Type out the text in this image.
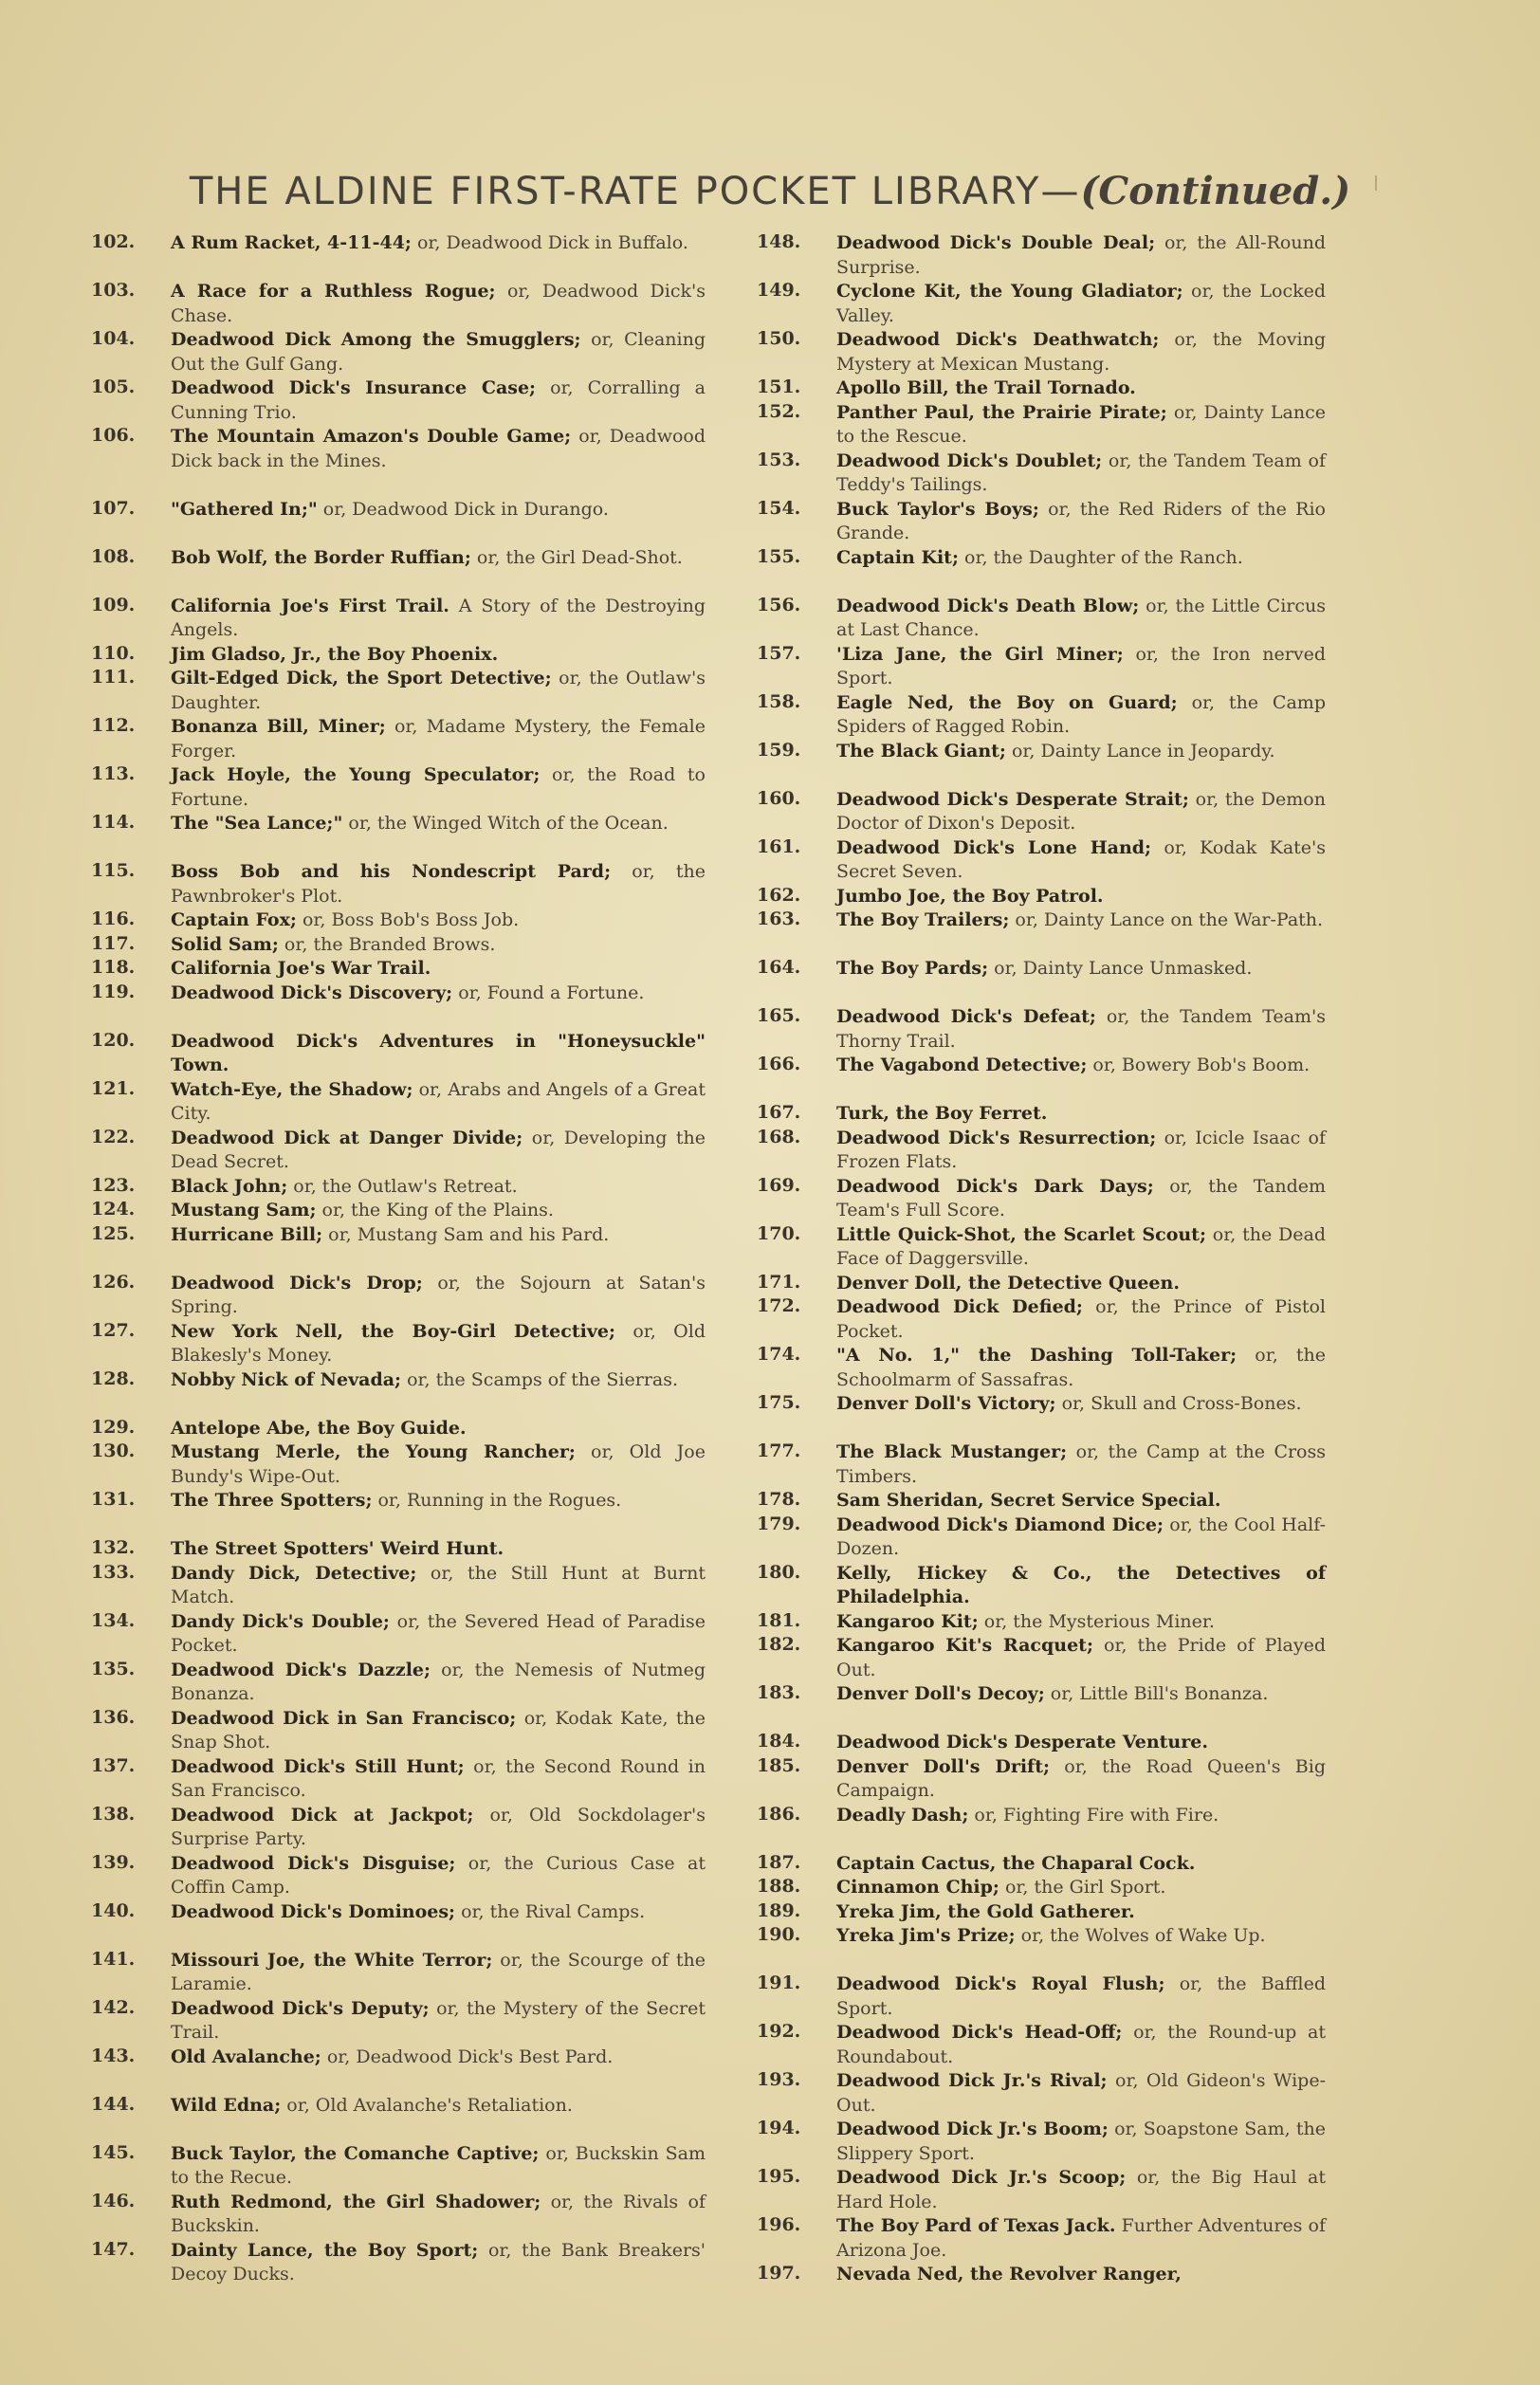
THE ALDINE FIRST-RATE POCKET LIBRARY—(Continued.)
102.	A Rum Racket, 4-11-44; or, Deadwood Dick in Buffalo.
103.	A Race for a Ruthless Rogue; or, Deadwood Dick's Chase.
104.	Deadwood Dick Among the Smugglers; or, Cleaning Out the Gulf Gang.
105.	Deadwood Dick's Insurance Case; or, Corralling a Cunning Trio.
106.	The Mountain Amazon's Double Game; or, Deadwood Dick back in the Mines.
107.	"Gathered In;" or, Deadwood Dick in Durango.
108.	Bob Wolf, the Border Ruffian; or, the Girl Dead-Shot.
109.	California Joe's First Trail. A Story of the Destroying Angels.
110.	Jim Gladso, Jr., the Boy Phoenix.
111.	Gilt-Edged Dick, the Sport Detective; or, the Outlaw's Daughter.
112.	Bonanza Bill, Miner; or, Madame Mystery, the Female Forger.
113.	Jack Hoyle, the Young Speculator; or, the Road to Fortune.
114.	The "Sea Lance;" or, the Winged Witch of the Ocean.
115.	Boss Bob and his Nondescript Pard; or, the Pawnbroker's Plot.
116.	Captain Fox; or, Boss Bob's Boss Job.
117.	Solid Sam; or, the Branded Brows.
118.	California Joe's War Trail.
119.	Deadwood Dick's Discovery; or, Found a Fortune.
120.	Deadwood Dick's Adventures in "Honeysuckle" Town.
121.	Watch-Eye, the Shadow; or, Arabs and Angels of a Great City.
122.	Deadwood Dick at Danger Divide; or, Developing the Dead Secret.
123.	Black John; or, the Outlaw's Retreat.
124.	Mustang Sam; or, the King of the Plains.
125.	Hurricane Bill; or, Mustang Sam and his Pard.
126.	Deadwood Dick's Drop; or, the Sojourn at Satan's Spring.
127.	New York Nell, the Boy-Girl Detective; or, Old Blakesly's Money.
128.	Nobby Nick of Nevada; or, the Scamps of the Sierras.
129.	Antelope Abe, the Boy Guide.
130.	Mustang Merle, the Young Rancher; or, Old Joe Bundy's Wipe-Out.
131.	The Three Spotters; or, Running in the Rogues.
132.	The Street Spotters' Weird Hunt.
133.	Dandy Dick, Detective; or, the Still Hunt at Burnt Match.
134.	Dandy Dick's Double; or, the Severed Head of Paradise Pocket.
135.	Deadwood Dick's Dazzle; or, the Nemesis of Nutmeg Bonanza.
136.	Deadwood Dick in San Francisco; or, Kodak Kate, the Snap Shot.
137.	Deadwood Dick's Still Hunt; or, the Second Round in San Francisco.
138.	Deadwood Dick at Jackpot; or, Old Sockdolager's Surprise Party.
139.	Deadwood Dick's Disguise; or, the Curious Case at Coffin Camp.
140.	Deadwood Dick's Dominoes; or, the Rival Camps.
141.	Missouri Joe, the White Terror; or, the Scourge of the Laramie.
142.	Deadwood Dick's Deputy; or, the Mystery of the Secret Trail.
143.	Old Avalanche; or, Deadwood Dick's Best Pard.
144.	Wild Edna; or, Old Avalanche's Retaliation.
145.	Buck Taylor, the Comanche Captive; or, Buckskin Sam to the Recue.
146.	Ruth Redmond, the Girl Shadower; or, the Rivals of Buckskin.
147.	Dainty Lance, the Boy Sport; or, the Bank Breakers' Decoy Ducks.
148.	Deadwood Dick's Double Deal; or, the All-Round Surprise.
149.	Cyclone Kit, the Young Gladiator; or, the Locked Valley.
150.	Deadwood Dick's Deathwatch; or, the Moving Mystery at Mexican Mustang.
151.	Apollo Bill, the Trail Tornado.
152.	Panther Paul, the Prairie Pirate; or, Dainty Lance to the Rescue.
153.	Deadwood Dick's Doublet; or, the Tandem Team of Teddy's Tailings.
154.	Buck Taylor's Boys; or, the Red Riders of the Rio Grande.
155.	Captain Kit; or, the Daughter of the Ranch.
156.	Deadwood Dick's Death Blow; or, the Little Circus at Last Chance.
157.	'Liza Jane, the Girl Miner; or, the Iron nerved Sport.
158.	Eagle Ned, the Boy on Guard; or, the Camp Spiders of Ragged Robin.
159.	The Black Giant; or, Dainty Lance in Jeopardy.
160.	Deadwood Dick's Desperate Strait; or, the Demon Doctor of Dixon's Deposit.
161.	Deadwood Dick's Lone Hand; or, Kodak Kate's Secret Seven.
162.	Jumbo Joe, the Boy Patrol.
163.	The Boy Trailers; or, Dainty Lance on the War-Path.
164.	The Boy Pards; or, Dainty Lance Unmasked.
165.	Deadwood Dick's Defeat; or, the Tandem Team's Thorny Trail.
166.	The Vagabond Detective; or, Bowery Bob's Boom.
167.	Turk, the Boy Ferret.
168.	Deadwood Dick's Resurrection; or, Icicle Isaac of Frozen Flats.
169.	Deadwood Dick's Dark Days; or, the Tandem Team's Full Score.
170.	Little Quick-Shot, the Scarlet Scout; or, the Dead Face of Daggersville.
171.	Denver Doll, the Detective Queen.
172.	Deadwood Dick Defied; or, the Prince of Pistol Pocket.
174.	"A No. 1," the Dashing Toll-Taker; or, the Schoolmarm of Sassafras.
175.	Denver Doll's Victory; or, Skull and Cross-Bones.
177.	The Black Mustanger; or, the Camp at the Cross Timbers.
178.	Sam Sheridan, Secret Service Special.
179.	Deadwood Dick's Diamond Dice; or, the Cool Half-Dozen.
180.	Kelly, Hickey & Co., the Detectives of Philadelphia.
181.	Kangaroo Kit; or, the Mysterious Miner.
182.	Kangaroo Kit's Racquet; or, the Pride of Played Out.
183.	Denver Doll's Decoy; or, Little Bill's Bonanza.
184.	Deadwood Dick's Desperate Venture.
185.	Denver Doll's Drift; or, the Road Queen's Big Campaign.
186.	Deadly Dash; or, Fighting Fire with Fire.
187.	Captain Cactus, the Chaparal Cock.
188.	Cinnamon Chip; or, the Girl Sport.
189.	Yreka Jim, the Gold Gatherer.
190.	Yreka Jim's Prize; or, the Wolves of Wake Up.
191.	Deadwood Dick's Royal Flush; or, the Baffled Sport.
192.	Deadwood Dick's Head-Off; or, the Round-up at Roundabout.
193.	Deadwood Dick Jr.'s Rival; or, Old Gideon's Wipe-Out.
194.	Deadwood Dick Jr.'s Boom; or, Soapstone Sam, the Slippery Sport.
195.	Deadwood Dick Jr.'s Scoop; or, the Big Haul at Hard Hole.
196.	The Boy Pard of Texas Jack. Further Adventures of Arizona Joe.
197.	Nevada Ned, the Revolver Ranger,
